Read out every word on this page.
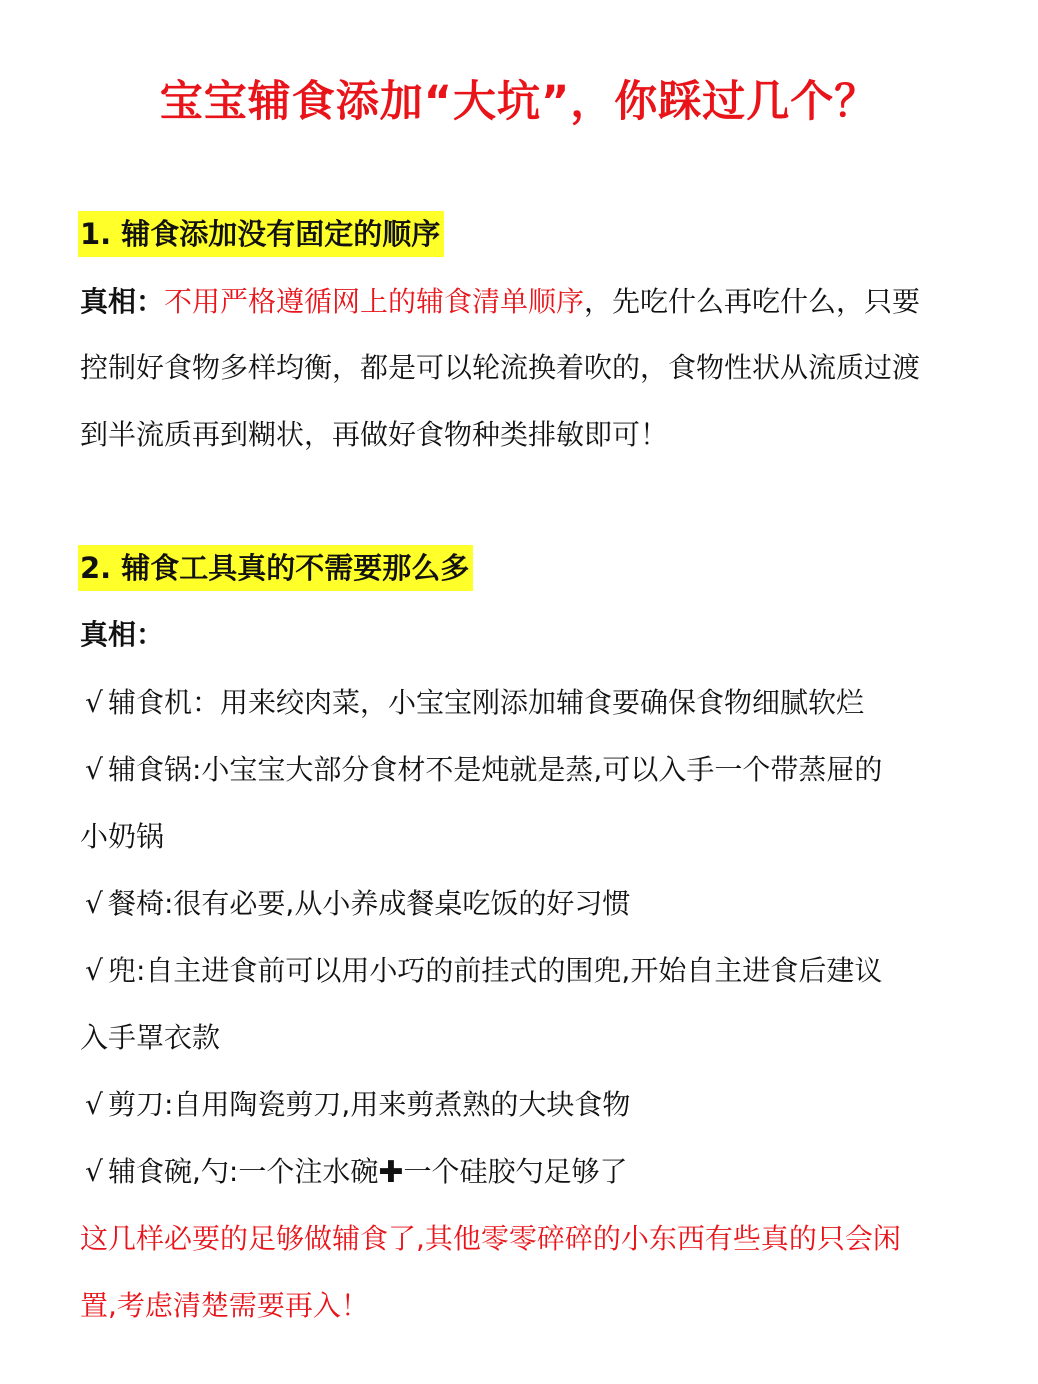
宝宝辅食添加“大坑”，你踩过几个？
1. 辅食添加没有固定的顺序
真相：不用严格遵循网上的辅食清单顺序，先吃什么再吃什么，只要
控制好食物多样均衡，都是可以轮流换着吹的，食物性状从流质过渡
到半流质再到糊状，再做好食物种类排敏即可！
2. 辅食工具真的不需要那么多
真相：
√ 辅食机：用来绞肉菜，小宝宝刚添加辅食要确保食物细腻软烂
√ 辅食锅:小宝宝大部分食材不是炖就是蒸,可以入手一个带蒸屉的
小奶锅
√ 餐椅:很有必要,从小养成餐桌吃饭的好习惯
√ 兜:自主进食前可以用小巧的前挂式的围兜,开始自主进食后建议
入手罩衣款
√ 剪刀:自用陶瓷剪刀,用来剪煮熟的大块食物
√ 辅食碗,勺:一个注水碗✚一个硅胶勺足够了
这几样必要的足够做辅食了,其他零零碎碎的小东西有些真的只会闲
置,考虑清楚需要再入！
